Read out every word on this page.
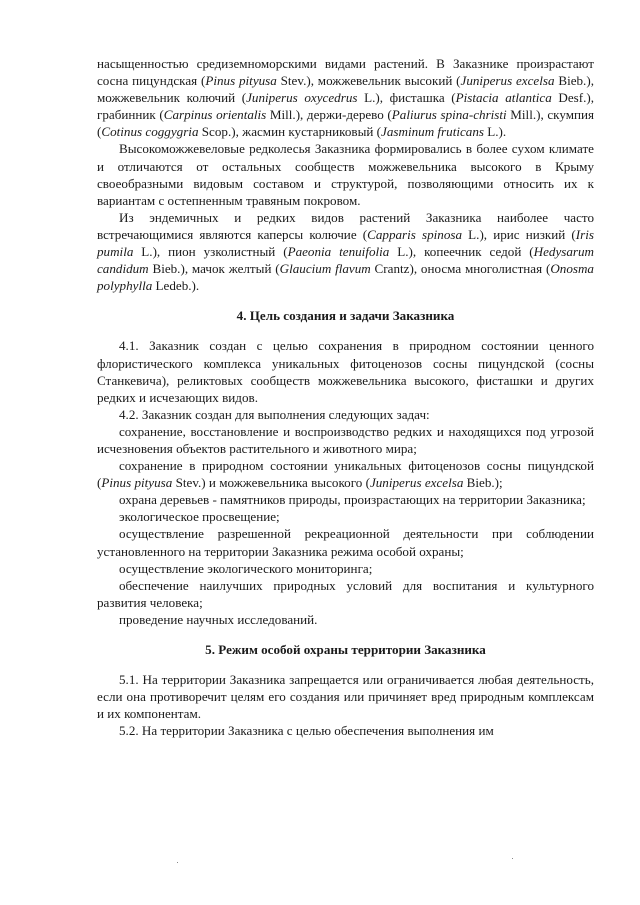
насыщенностью средиземноморскими видами растений. В Заказнике произрастают сосна пицундская (Pinus pityusa Stev.), можжевельник высокий (Juniperus excelsa Bieb.), можжевельник колючий (Juniperus oxycedrus L.), фисташка (Pistacia atlantica Desf.), грабинник (Carpinus orientalis Mill.), держи-дерево (Paliurus spina-christi Mill.), скумпия (Cotinus coggygria Scop.), жасмин кустарниковый (Jasminum fruticans L.).

Высокоможжевеловые редколесья Заказника формировались в более сухом климате и отличаются от остальных сообществ можжевельника высокого в Крыму своеобразными видовым составом и структурой, позволяющими относить их к вариантам с остепненным травяным покровом.

Из эндемичных и редких видов растений Заказника наиболее часто встречающимися являются каперсы колючие (Capparis spinosa L.), ирис низкий (Iris pumila L.), пион узколистный (Paeonia tenuifolia L.), копеечник седой (Hedysarum candidum Bieb.), мачок желтый (Glaucium flavum Crantz), оносма многолистная (Onosma polyphylla Ledeb.).

4. Цель создания и задачи Заказника

4.1. Заказник создан с целью сохранения в природном состоянии ценного флористического комплекса уникальных фитоценозов сосны пицундской (сосны Станкевича), реликтовых сообществ можжевельника высокого, фисташки и других редких и исчезающих видов.

4.2. Заказник создан для выполнения следующих задач:

сохранение, восстановление и воспроизводство редких и находящихся под угрозой исчезновения объектов растительного и животного мира;

сохранение в природном состоянии уникальных фитоценозов сосны пицундской (Pinus pityusa Stev.) и можжевельника высокого (Juniperus excelsa Bieb.);

охрана деревьев - памятников природы, произрастающих на территории Заказника;

экологическое просвещение;

осуществление разрешенной рекреационной деятельности при соблюдении установленного на территории Заказника режима особой охраны;

осуществление экологического мониторинга;

обеспечение наилучших природных условий для воспитания и культурного развития человека;

проведение научных исследований.

5. Режим особой охраны территории Заказника

5.1. На территории Заказника запрещается или ограничивается любая деятельность, если она противоречит целям его создания или причиняет вред природным комплексам и их компонентам.

5.2. На территории Заказника с целью обеспечения выполнения им
